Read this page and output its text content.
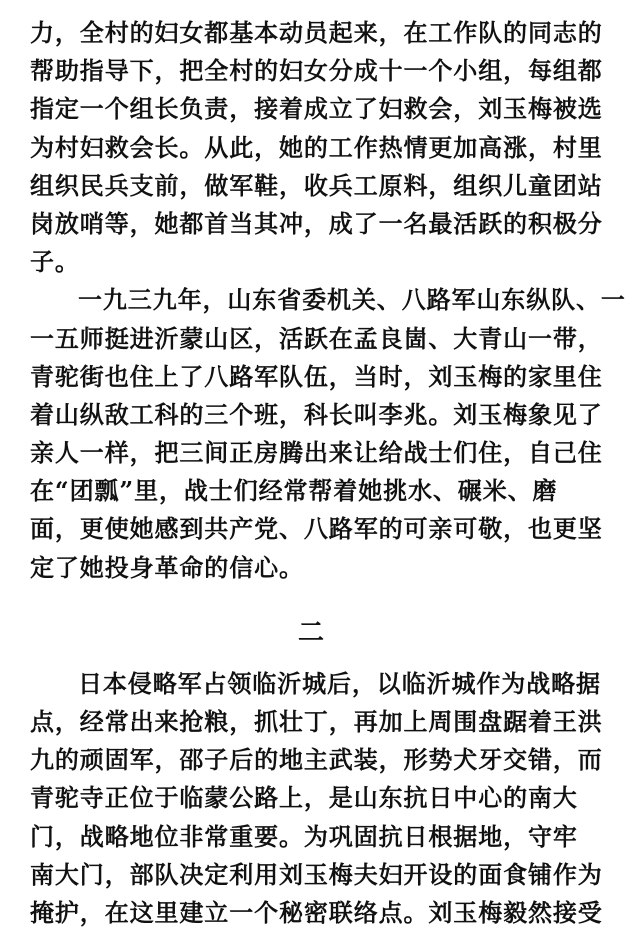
力，全村的妇女都基本动员起来，在工作队的同志的
帮助指导下，把全村的妇女分成十一个小组，每组都
指定一个组长负责，接着成立了妇救会，刘玉梅被选
为村妇救会长。从此，她的工作热情更加高涨，村里
组织民兵支前，做军鞋，收兵工原料，组织儿童团站
岗放哨等，她都首当其冲，成了一名最活跃的积极分
子。
一九三九年，山东省委机关、八路军山东纵队、一
一五师挺进沂蒙山区，活跃在孟良崮、大青山一带，
青驼街也住上了八路军队伍，当时，刘玉梅的家里住
着山纵敌工科的三个班，科长叫李兆。刘玉梅象见了
亲人一样，把三间正房腾出来让给战士们住，自己住
在“团瓢”里，战士们经常帮着她挑水、碾米、磨
面，更使她感到共产党、八路军的可亲可敬，也更坚
定了她投身革命的信心。
二
日本侵略军占领临沂城后，以临沂城作为战略据
点，经常出来抢粮，抓壮丁，再加上周围盘踞着王洪
九的顽固军，邵子后的地主武装，形势犬牙交错，而
青驼寺正位于临蒙公路上，是山东抗日中心的南大
门，战略地位非常重要。为巩固抗日根据地，守牢
南大门，部队决定利用刘玉梅夫妇开设的面食铺作为
掩护，在这里建立一个秘密联络点。刘玉梅毅然接受
